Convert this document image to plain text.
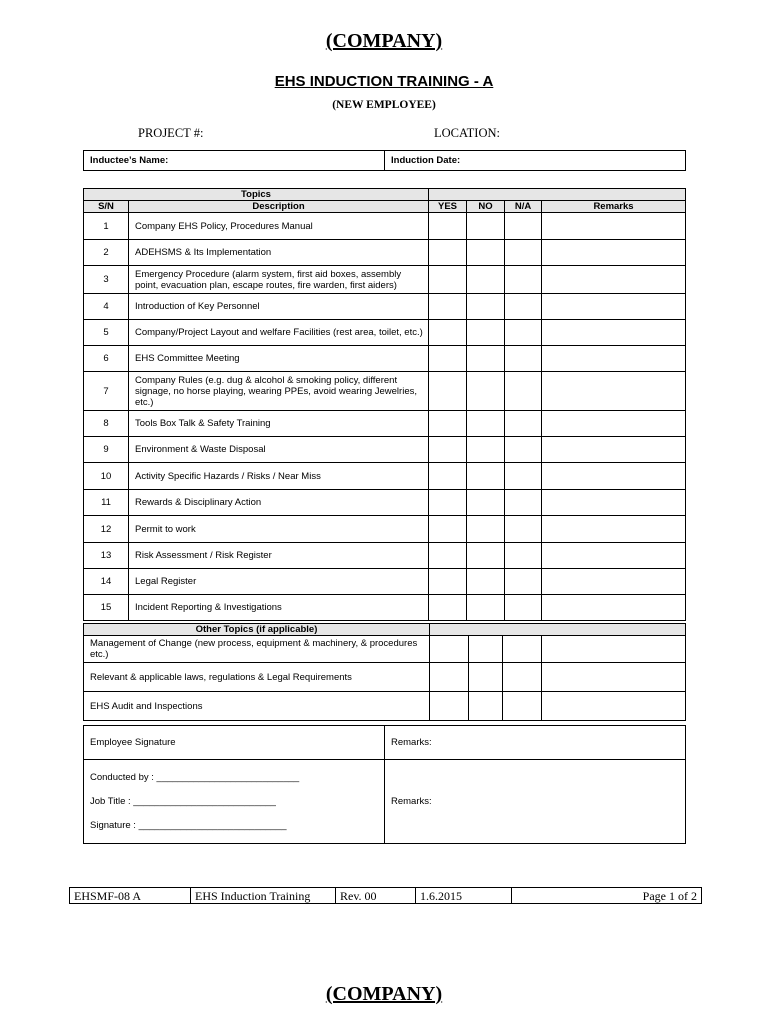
(COMPANY)
EHS INDUCTION TRAINING - A
(NEW EMPLOYEE)
PROJECT #:	LOCATION:
Inductee’s Name:	Induction Date:
Topics					
S/N	Description	YES	NO	N/A	Remarks
1	Company EHS Policy, Procedures Manual				
2	ADEHSMS & Its Implementation				
3	Emergency Procedure (alarm system, first aid boxes, assembly point, evacuation plan, escape routes, fire warden, first aiders)				
4	Introduction of Key Personnel				
5	Company/Project Layout and welfare Facilities (rest area, toilet, etc.)				
6	EHS Committee Meeting				
7	Company Rules (e.g. dug & alcohol & smoking policy, different signage, no horse playing, wearing PPEs, avoid wearing Jewelries, etc.)				
8	Tools Box Talk & Safety Training				
9	Environment & Waste Disposal				
10	Activity Specific Hazards / Risks / Near Miss				
11	Rewards & Disciplinary Action				
12	Permit to work				
13	Risk Assessment / Risk Register				
14	Legal Register				
15	Incident Reporting & Investigations				
Other Topics (if applicable)				
Management of Change (new process, equipment & machinery, & procedures etc.)				
Relevant & applicable laws, regulations & Legal Requirements				
EHS Audit and Inspections				
Employee Signature	Remarks:

Conducted by : ___________________________
Job Title : ___________________________
Signature : ____________________________	Remarks:
EHSMF-08 A	EHS Induction Training	Rev. 00	1.6.2015	Page 1 of 2
(COMPANY)
